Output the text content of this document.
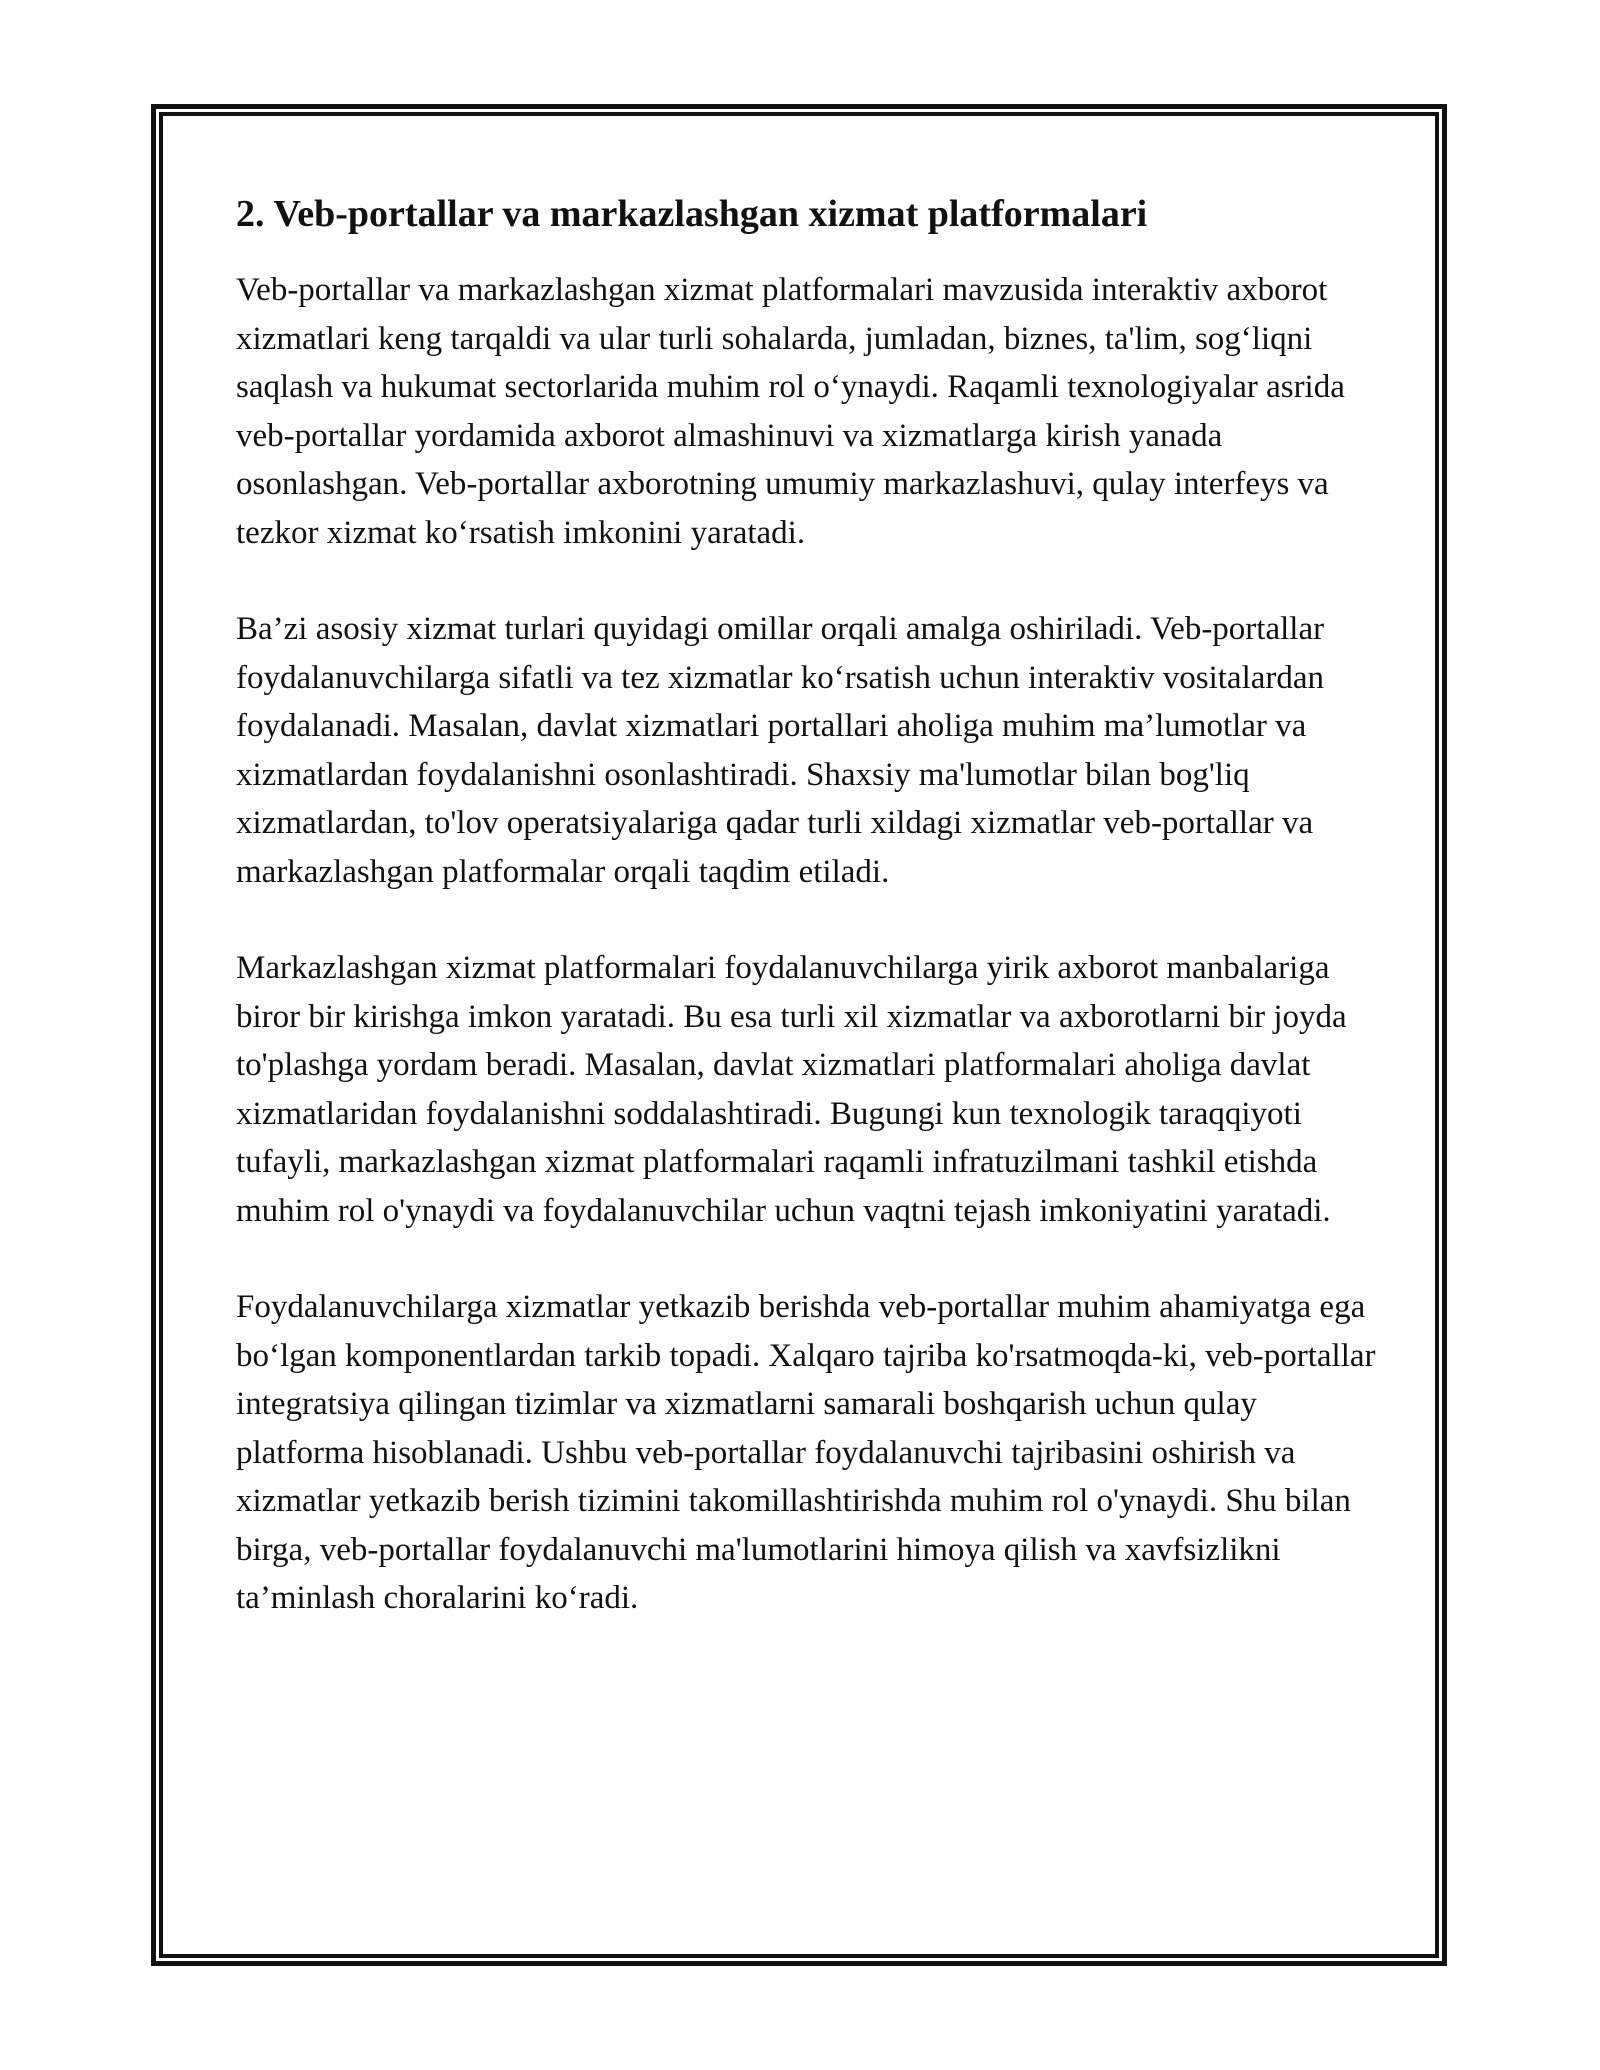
2. Veb-portallar va markazlashgan xizmat platformalari

Veb-portallar va markazlashgan xizmat platformalari mavzusida interaktiv axborot xizmatlari keng tarqaldi va ular turli sohalarda, jumladan, biznes, ta'lim, sog‘liqni saqlash va hukumat sectorlarida muhim rol o‘ynaydi. Raqamli texnologiyalar asrida veb-portallar yordamida axborot almashinuvi va xizmatlarga kirish yanada osonlashgan. Veb-portallar axborotning umumiy markazlashuvi, qulay interfeys va tezkor xizmat ko‘rsatish imkonini yaratadi.

Ba’zi asosiy xizmat turlari quyidagi omillar orqali amalga oshiriladi. Veb-portallar foydalanuvchilarga sifatli va tez xizmatlar ko‘rsatish uchun interaktiv vositalardan foydalanadi. Masalan, davlat xizmatlari portallari aholiga muhim ma’lumotlar va xizmatlardan foydalanishni osonlashtiradi. Shaxsiy ma'lumotlar bilan bog'liq xizmatlardan, to'lov operatsiyalariga qadar turli xildagi xizmatlar veb-portallar va markazlashgan platformalar orqali taqdim etiladi.

Markazlashgan xizmat platformalari foydalanuvchilarga yirik axborot manbalariga biror bir kirishga imkon yaratadi. Bu esa turli xil xizmatlar va axborotlarni bir joyda to'plashga yordam beradi. Masalan, davlat xizmatlari platformalari aholiga davlat xizmatlaridan foydalanishni soddalashtiradi. Bugungi kun texnologik taraqqiyoti tufayli, markazlashgan xizmat platformalari raqamli infratuzilmani tashkil etishda muhim rol o'ynaydi va foydalanuvchilar uchun vaqtni tejash imkoniyatini yaratadi.

Foydalanuvchilarga xizmatlar yetkazib berishda veb-portallar muhim ahamiyatga ega bo‘lgan komponentlardan tarkib topadi. Xalqaro tajriba ko'rsatmoqda-ki, veb-portallar integratsiya qilingan tizimlar va xizmatlarni samarali boshqarish uchun qulay platforma hisoblanadi. Ushbu veb-portallar foydalanuvchi tajribasini oshirish va xizmatlar yetkazib berish tizimini takomillashtirishda muhim rol o'ynaydi. Shu bilan birga, veb-portallar foydalanuvchi ma'lumotlarini himoya qilish va xavfsizlikni ta’minlash choralarini ko‘radi.
